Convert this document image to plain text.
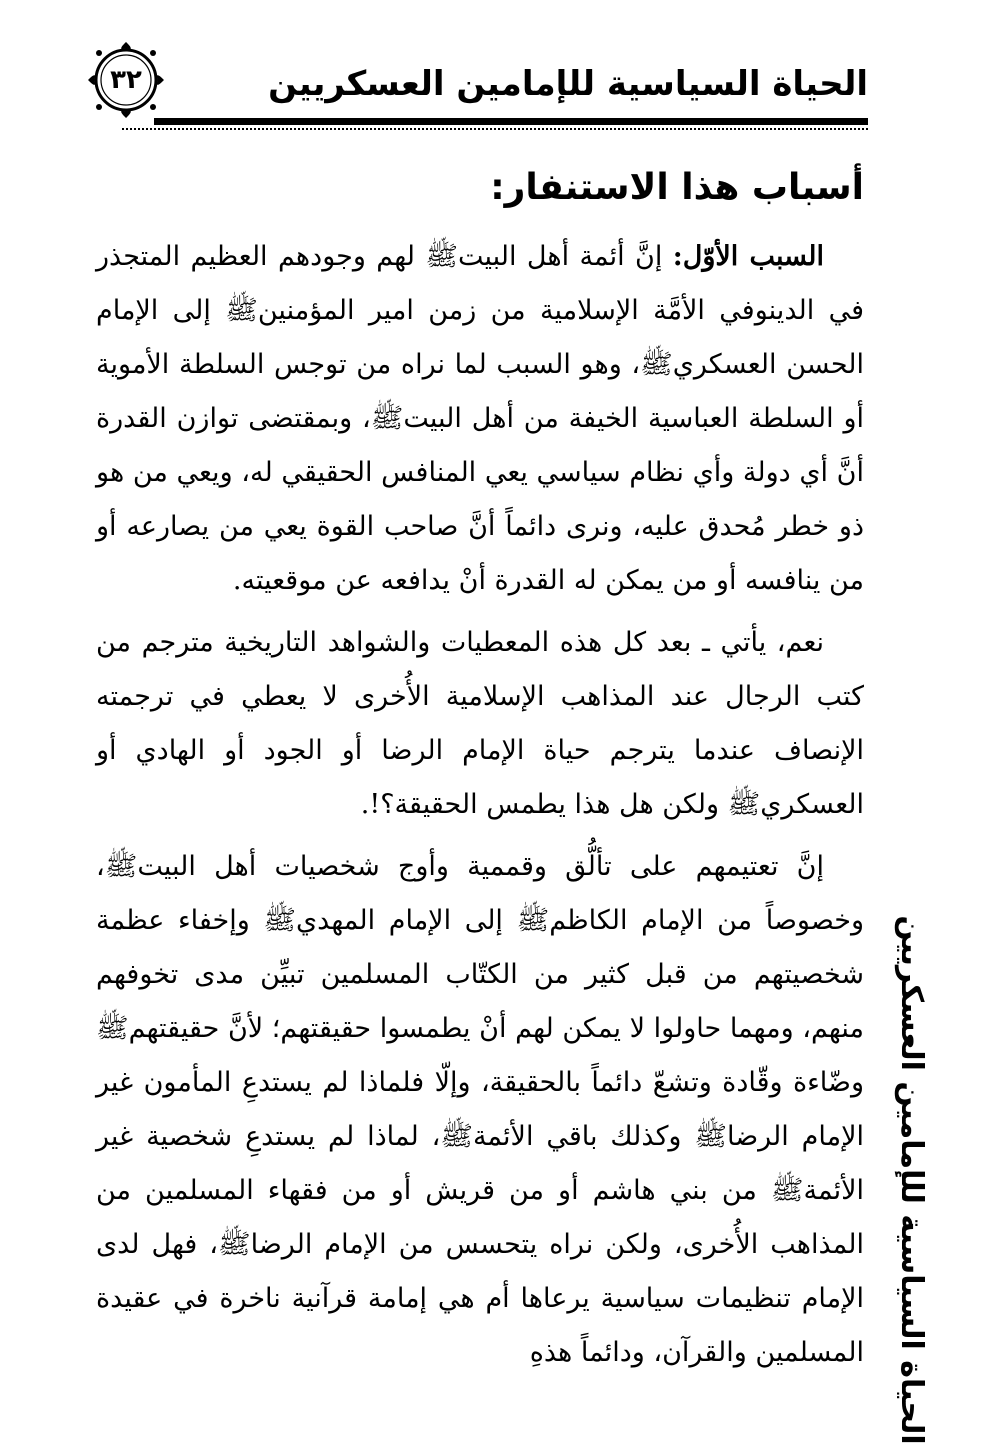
الحياة السياسية للإمامين العسكريين
٣٢
أسباب هذا الاستنفار:

السبب الأوّل: إنَّ أئمة أهل البيتﷺ لهم وجودهم العظيم المتجذر في الدينوفي الأمَّة الإسلامية من زمن امير المؤمنينﷺ إلى الإمام الحسن العسكريﷺ، وهو السبب لما نراه من توجس السلطة الأموية أو السلطة العباسية الخيفة من أهل البيتﷺ، وبمقتضى توازن القدرة أنَّ أي دولة وأي نظام سياسي يعي المنافس الحقيقي له، ويعي من هو ذو خطر مُحدق عليه، ونرى دائماً أنَّ صاحب القوة يعي من يصارعه أو من ينافسه أو من يمكن له القدرة أنْ يدافعه عن موقعيته.

نعم، يأتي ـ بعد كل هذه المعطيات والشواهد التاريخية مترجم من كتب الرجال عند المذاهب الإسلامية الأُخرى لا يعطي في ترجمته الإنصاف عندما يترجم حياة الإمام الرضا أو الجود أو الهادي أو العسكريﷺ ولكن هل هذا يطمس الحقيقة؟!.

إنَّ تعتيمهم على تألُّق وقممية وأوج شخصيات أهل البيتﷺ، وخصوصاً من الإمام الكاظمﷺ إلى الإمام المهديﷺ وإخفاء عظمة شخصيتهم من قبل كثير من الكتّاب المسلمين تبيِّن مدى تخوفهم منهم، ومهما حاولوا لا يمكن لهم أنْ يطمسوا حقيقتهم؛ لأنَّ حقيقتهمﷺ وضّاءة وقّادة وتشعّ دائماً بالحقيقة، وإلّا فلماذا لم يستدعِ المأمون غير الإمام الرضاﷺ وكذلك باقي الأئمةﷺ، لماذا لم يستدعِ شخصية غير الأئمةﷺ من بني هاشم أو من قريش أو من فقهاء المسلمين من المذاهب الأُخرى، ولكن نراه يتحسس من الإمام الرضاﷺ، فهل لدى الإمام تنظيمات سياسية يرعاها أم هي إمامة قرآنية ناخرة في عقيدة المسلمين والقرآن، ودائماً هذهِ الحياة السياسية للإمامين العسكريين
